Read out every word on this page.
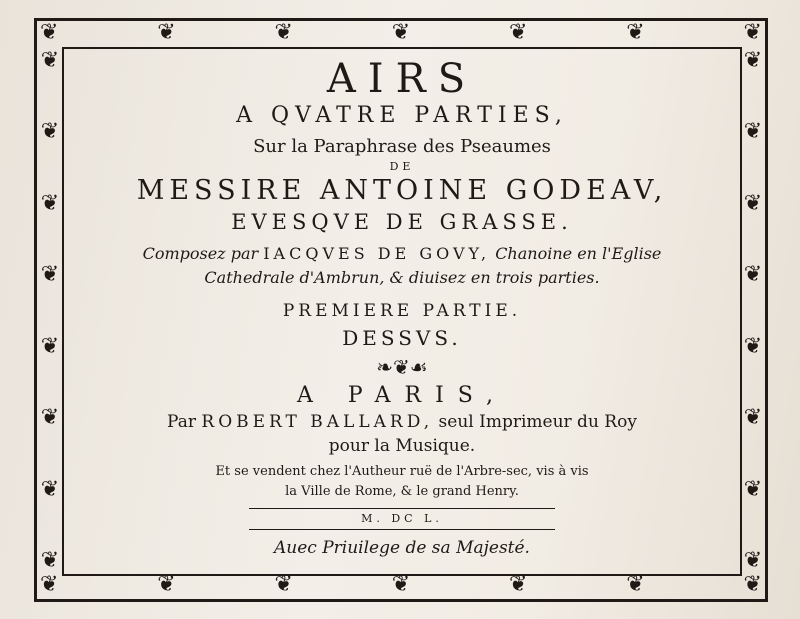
❦	❦	❦	❦	❦	❦	❦
❦	❦	❦	❦	❦	❦	❦
❦
❦
❦
❦
❦
❦
❦
❦
❦
❦
❦
❦
❦
❦
❦
❦

AIRS

A QVATRE PARTIES,

Sur la Paraphrase des Pseaumes

DE

MESSIRE ANTOINE GODEAV,

EVESQVE DE GRASSE.

Composez par IACQVES DE GOVY, Chanoine en l'Eglise

Cathedrale d'Ambrun, & diuisez en trois parties.

PREMIERE PARTIE.

DESSVS.

❧❦☙

A PARIS,

Par ROBERT BALLARD, seul Imprimeur du Roy

pour la Musique.

Et se vendent chez l'Autheur ruë de l'Arbre-sec, vis à vis

la Ville de Rome, & le grand Henry.

M. DC L.

Auec Priuilege de sa Majesté.
